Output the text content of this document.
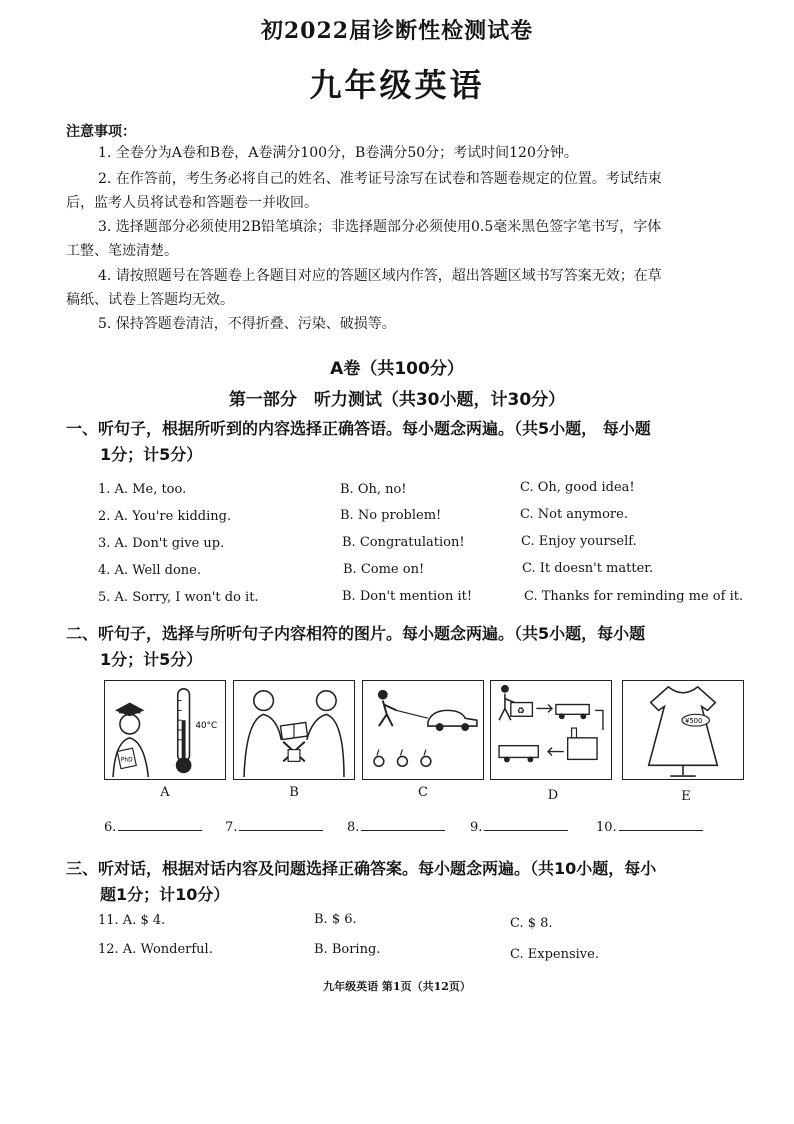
初2022届诊断性检测试卷
九年级英语
注意事项：
1. 全卷分为A卷和B卷，A卷满分100分，B卷满分50分；考试时间120分钟。
2. 在作答前，考生务必将自己的姓名、准考证号涂写在试卷和答题卷规定的位置。考试结束
后，监考人员将试卷和答题卷一并收回。
3. 选择题部分必须使用2B铅笔填涂；非选择题部分必须使用0.5毫米黑色签字笔书写，字体
工整、笔迹清楚。
4. 请按照题号在答题卷上各题目对应的答题区域内作答，超出答题区域书写答案无效；在草
稿纸、试卷上答题均无效。
5. 保持答题卷清洁，不得折叠、污染、破损等。
A卷（共100分）
第一部分　听力测试（共30小题，计30分）
一、听句子，根据所听到的内容选择正确答语。每小题念两遍。（共5小题， 每小题
1分；计5分）
1. A. Me, too.	B. Oh, no!	C. Oh, good idea!
2. A. You're kidding.	B. No problem!	C. Not anymore.
3. A. Don't give up.	B. Congratulation!	C. Enjoy yourself.
4. A. Well done.	B. Come on!	C. It doesn't matter.
5. A. Sorry, I won't do it.	B. Don't mention it!	C. Thanks for reminding me of it.
二、听句子，选择与所听句子内容相符的图片。每小题念两遍。（共5小题，每小题
1分；计5分）
PhD
40°C
♻
¥500
A	B	C	D	E
6.	7.	8.	9.	10.
三、听对话，根据对话内容及问题选择正确答案。每小题念两遍。（共10小题，每小
题1分；计10分）
11. A. $ 4.	B. $ 6.	C. $ 8.
12. A. Wonderful.	B. Boring.	C. Expensive.
九年级英语 第1页（共12页）
